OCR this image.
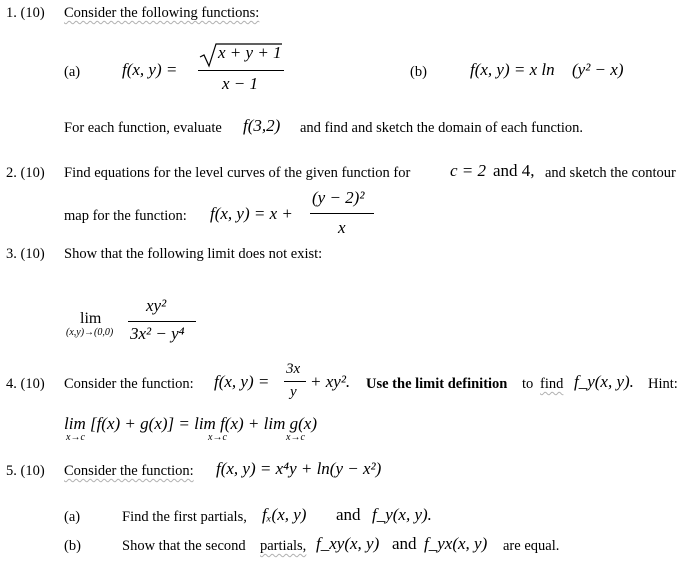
1. (10) Consider the following functions:
(a) f(x, y) =
x + y + 1
x − 1
(b)	f(x, y) = x ln (y² − x)
For each function, evaluate f(3,2) and find and sketch the domain of each function.
2. (10) Find equations for the level curves of the given function for c = 2 and 4, and sketch the contour
map for the function: f(x, y) = x +
(y − 2)²
x
3. (10) Show that the following limit does not exist:
lim
(x,y)→(0,0)
xy²
3x² − y⁴
4. (10) Consider the function: f(x, y) =
3x
y
+ xy². Use the limit definition to find f_y(x, y). Hint:
lim [f(x) + g(x)] = lim f(x) + lim g(x)
x→c	x→c	x→c
5. (10) Consider the function: f(x, y) = x⁴y + ln(y − x²)
(a)	Find the first partials, fₓ(x, y) and f_y(x, y).
(b)	Show that the second partials, f_xy(x, y) and f_yx(x, y) are equal.
